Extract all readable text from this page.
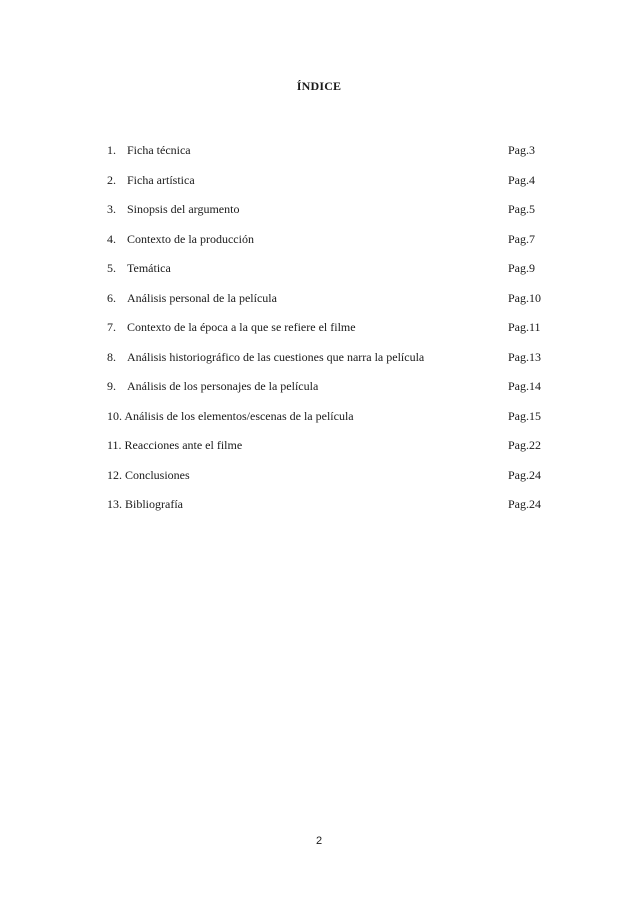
ÍNDICE
1. Ficha técnica	Pag.3
2. Ficha artística	Pag.4
3. Sinopsis del argumento	Pag.5
4. Contexto de la producción	Pag.7
5. Temática	Pag.9
6. Análisis personal de la película	Pag.10
7. Contexto de la época a la que se refiere el filme	Pag.11
8. Análisis historiográfico de las cuestiones que narra la película	Pag.13
9. Análisis de los personajes de la película	Pag.14
10. Análisis de los elementos/escenas de la película	Pag.15
11. Reacciones ante el filme	Pag.22
12. Conclusiones	Pag.24
13. Bibliografía	Pag.24
2
